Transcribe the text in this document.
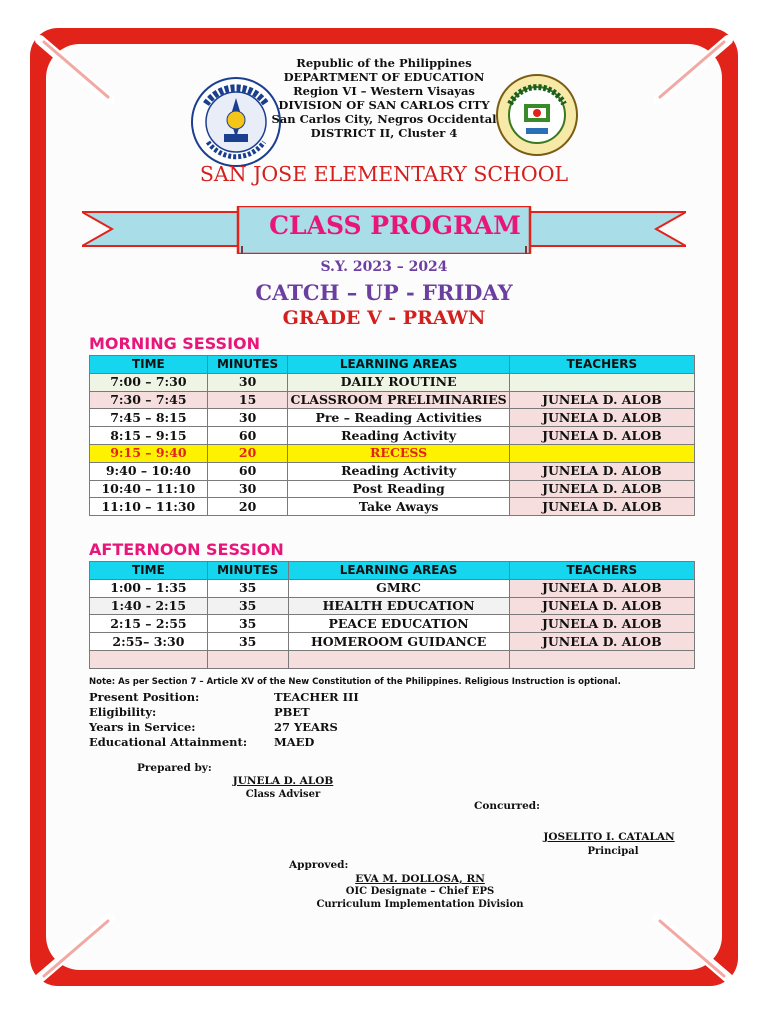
Republic of the Philippines
DEPARTMENT OF EDUCATION
Region VI – Western Visayas
DIVISION OF SAN CARLOS CITY
San Carlos City, Negros Occidental
DISTRICT II, Cluster 4
SAN JOSE ELEMENTARY SCHOOL
CLASS PROGRAM
S.Y. 2023 – 2024
CATCH – UP - FRIDAY
GRADE V - PRAWN
MORNING SESSION
TIME	MINUTES	LEARNING AREAS	TEACHERS
7:00 – 7:30	30	DAILY ROUTINE	
7:30 – 7:45	15	CLASSROOM PRELIMINARIES	JUNELA D. ALOB
7:45 – 8:15	30	Pre – Reading Activities	JUNELA D. ALOB
8:15 – 9:15	60	Reading Activity	JUNELA D. ALOB
9:15 – 9:40	20	RECESS	
9:40 – 10:40	60	Reading Activity	JUNELA D. ALOB
10:40 – 11:10	30	Post Reading	JUNELA D. ALOB
11:10 – 11:30	20	Take Aways	JUNELA D. ALOB
AFTERNOON SESSION
TIME	MINUTES	LEARNING AREAS	TEACHERS
1:00 – 1:35	35	GMRC	JUNELA D. ALOB
1:40 - 2:15	35	HEALTH EDUCATION	JUNELA D. ALOB
2:15 – 2:55	35	PEACE EDUCATION	JUNELA D. ALOB
2:55– 3:30	35	HOMEROOM GUIDANCE	JUNELA D. ALOB

Note: As per Section 7 – Article XV of the New Constitution of the Philippines. Religious Instruction is optional.
Present Position:	TEACHER III
Eligibility:	PBET
Years in Service:	27 YEARS
Educational Attainment: MAED
Prepared by:
JUNELA D. ALOB
Class Adviser
Concurred:
JOSELITO I. CATALAN
Principal
Approved:
EVA M. DOLLOSA, RN
OIC Designate – Chief EPS
Curriculum Implementation Division
